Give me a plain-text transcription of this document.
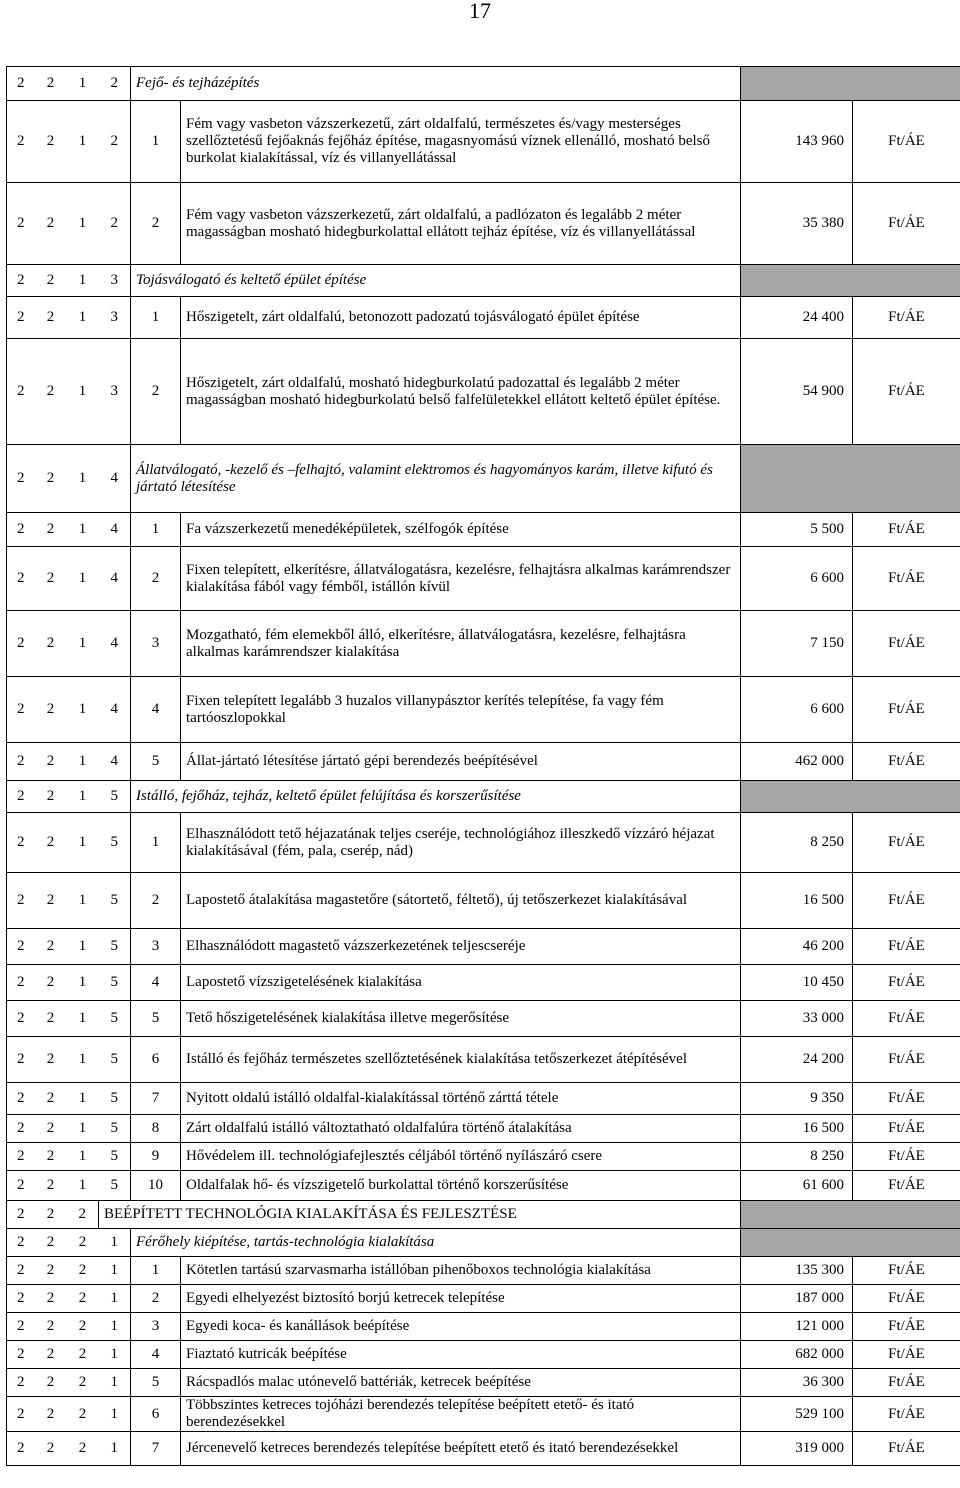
17
2	2	1	2	Fejő- és tejházépítés			
2	2	1	2	1	Fém vagy vasbeton vázszerkezetű, zárt oldalfalú, természetes és/vagy mesterséges szellőztetésű fejőaknás fejőház építése, magasnyomású víznek ellenálló, mosható belső burkolat kialakítással, víz és villanyellátással	143 960	Ft/ÁE
2	2	1	2	2	Fém vagy vasbeton vázszerkezetű, zárt oldalfalú, a padlózaton és legalább 2 méter magasságban mosható hidegburkolattal ellátott tejház építése, víz és villanyellátással	35 380	Ft/ÁE
2	2	1	3	Tojásválogató és keltető épület építése			
2	2	1	3	1	Hőszigetelt, zárt oldalfalú, betonozott padozatú tojásválogató épület építése	24 400	Ft/ÁE
2	2	1	3	2	Hőszigetelt, zárt oldalfalú, mosható hidegburkolatú padozattal és legalább 2 méter magasságban mosható hidegburkolatú belső falfelületekkel ellátott keltető épület építése.	54 900	Ft/ÁE
2	2	1	4	Állatválogató, -kezelő és –felhajtó, valamint elektromos és hagyományos karám, illetve kifutó és jártató létesítése			
2	2	1	4	1	Fa vázszerkezetű menedéképületek, szélfogók építése	5 500	Ft/ÁE
2	2	1	4	2	Fixen telepített, elkerítésre, állatválogatásra, kezelésre, felhajtásra alkalmas karámrendszer kialakítása fából vagy fémből, istállón kívül	6 600	Ft/ÁE
2	2	1	4	3	Mozgatható, fém elemekből álló, elkerítésre, állatválogatásra, kezelésre, felhajtásra alkalmas karámrendszer kialakítása	7 150	Ft/ÁE
2	2	1	4	4	Fixen telepített legalább 3 huzalos villanypásztor kerítés telepítése, fa vagy fém tartóoszlopokkal	6 600	Ft/ÁE
2	2	1	4	5	Állat-jártató létesítése jártató gépi berendezés beépítésével	462 000	Ft/ÁE
2	2	1	5	Istálló, fejőház, tejház, keltető épület felújítása és korszerűsítése			
2	2	1	5	1	Elhasználódott tető héjazatának teljes cseréje, technológiához illeszkedő vízzáró héjazat kialakításával (fém, pala, cserép, nád)	8 250	Ft/ÁE
2	2	1	5	2	Lapostető átalakítása magastetőre (sátortető, féltető), új tetőszerkezet kialakításával	16 500	Ft/ÁE
2	2	1	5	3	Elhasználódott magastető vázszerkezetének teljescseréje	46 200	Ft/ÁE
2	2	1	5	4	Lapostető vízszigetelésének kialakítása	10 450	Ft/ÁE
2	2	1	5	5	Tető hőszigetelésének kialakítása illetve megerősítése	33 000	Ft/ÁE
2	2	1	5	6	Istálló és fejőház természetes szellőztetésének kialakítása tetőszerkezet átépítésével	24 200	Ft/ÁE
2	2	1	5	7	Nyitott oldalú istálló oldalfal-kialakítással történő zárttá tétele	9 350	Ft/ÁE
2	2	1	5	8	Zárt oldalfalú istálló változtatható oldalfalúra történő átalakítása	16 500	Ft/ÁE
2	2	1	5	9	Hővédelem ill. technológiafejlesztés céljából történő nyílászáró csere	8 250	Ft/ÁE
2	2	1	5	10	Oldalfalak hő- és vízszigetelő burkolattal történő korszerűsítése	61 600	Ft/ÁE
2	2	2	BEÉPÍTETT TECHNOLÓGIA KIALAKÍTÁSA ÉS FEJLESZTÉSE				
2	2	2	1	Férőhely kiépítése, tartás-technológia kialakítása			
2	2	2	1	1	Kötetlen tartású szarvasmarha istállóban pihenőboxos technológia kialakítása	135 300	Ft/ÁE
2	2	2	1	2	Egyedi elhelyezést biztosító borjú ketrecek telepítése	187 000	Ft/ÁE
2	2	2	1	3	Egyedi koca- és kanállások beépítése	121 000	Ft/ÁE
2	2	2	1	4	Fiaztató kutricák beépítése	682 000	Ft/ÁE
2	2	2	1	5	Rácspadlós malac utónevelő battériák, ketrecek beépítése	36 300	Ft/ÁE
2	2	2	1	6	Többszintes ketreces tojóházi berendezés telepítése beépített etető- és itató berendezésekkel	529 100	Ft/ÁE
2	2	2	1	7	Jércenevelő ketreces berendezés telepítése beépített etető és itató berendezésekkel	319 000	Ft/ÁE
